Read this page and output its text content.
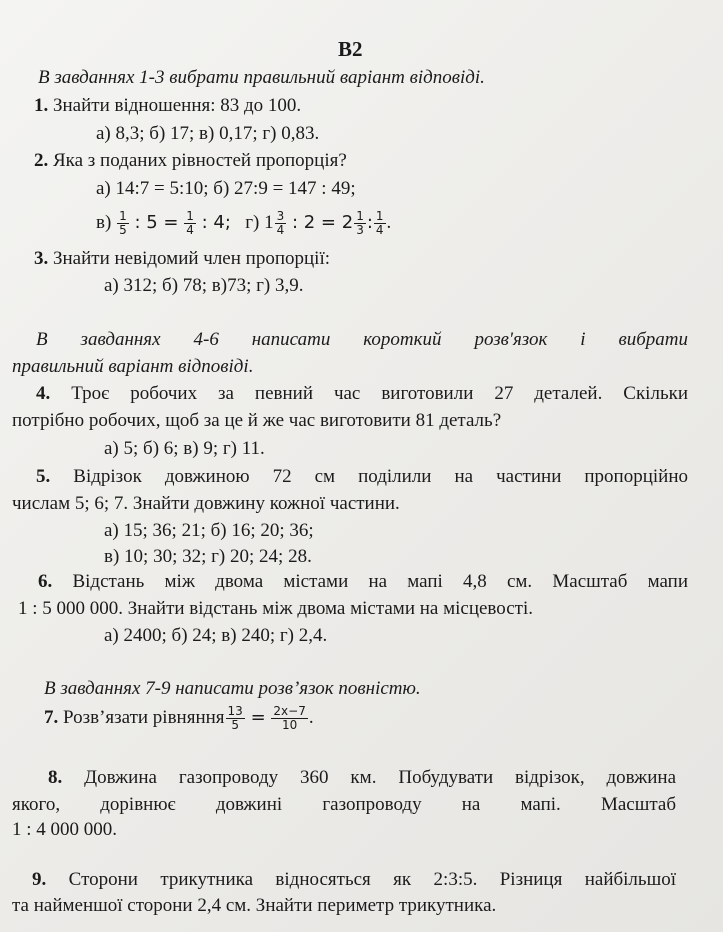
В2
В завданнях 1-3 вибрати правильний варіант відповіді.
1. Знайти відношення: 83 до 100.
а) 8,3; б) 17; в) 0,17; г) 0,83.
2. Яка з поданих рівностей пропорція?
а) 14:7 = 5:10; б) 27:9 = 147 : 49;
$в) \frac{1}{5}$ : $5 = \frac{1}{4}$ : 4; г) $1 \frac{3}{4}$ : $2 = 2 \frac{1}{3}$ : $\frac{1}{4}$ .
3. Знайти невідомий член пропорції:
а) 312; б) 78; в)73; г) 3,9.
В завданнях 4-6 написати короткий розв'язок і вибрати
правильний варіант відповіді.
4. Троє робочих за певний час виготовили 27 деталей. Скільки
потрібно робочих, щоб за це й же час виготовити 81 деталь?
а) 5; б) 6; в) 9; г) 11.
5. Відрізок довжиною 72 см поділили на частини пропорційно
числам 5; 6; 7. Знайти довжину кожної частини.
а) 15; 36; 21; б) 16; 20; 36;
в) 10; 30; 32; г) 20; 24; 28.
6. Відстань між двома містами на мапі 4,8 см. Масштаб мапи
1 : 5 000 000. Знайти відстань між двома містами на місцевості.
а) 2400; б) 24; в) 240; г) 2,4.
В завданнях 7-9 написати розв’язок повністю.
7. Розв’язати рівняння $\frac{13}{5} = \frac{2x-7}{10}$ .
8. Довжина газопроводу 360 км. Побудувати відрізок, довжина
якого, дорівнює довжині газопроводу на мапі. Масштаб
1 : 4 000 000.
9. Сторони трикутника відносяться як 2:3:5. Різниця найбільшої
та найменшої сторони 2,4 см. Знайти периметр трикутника.
